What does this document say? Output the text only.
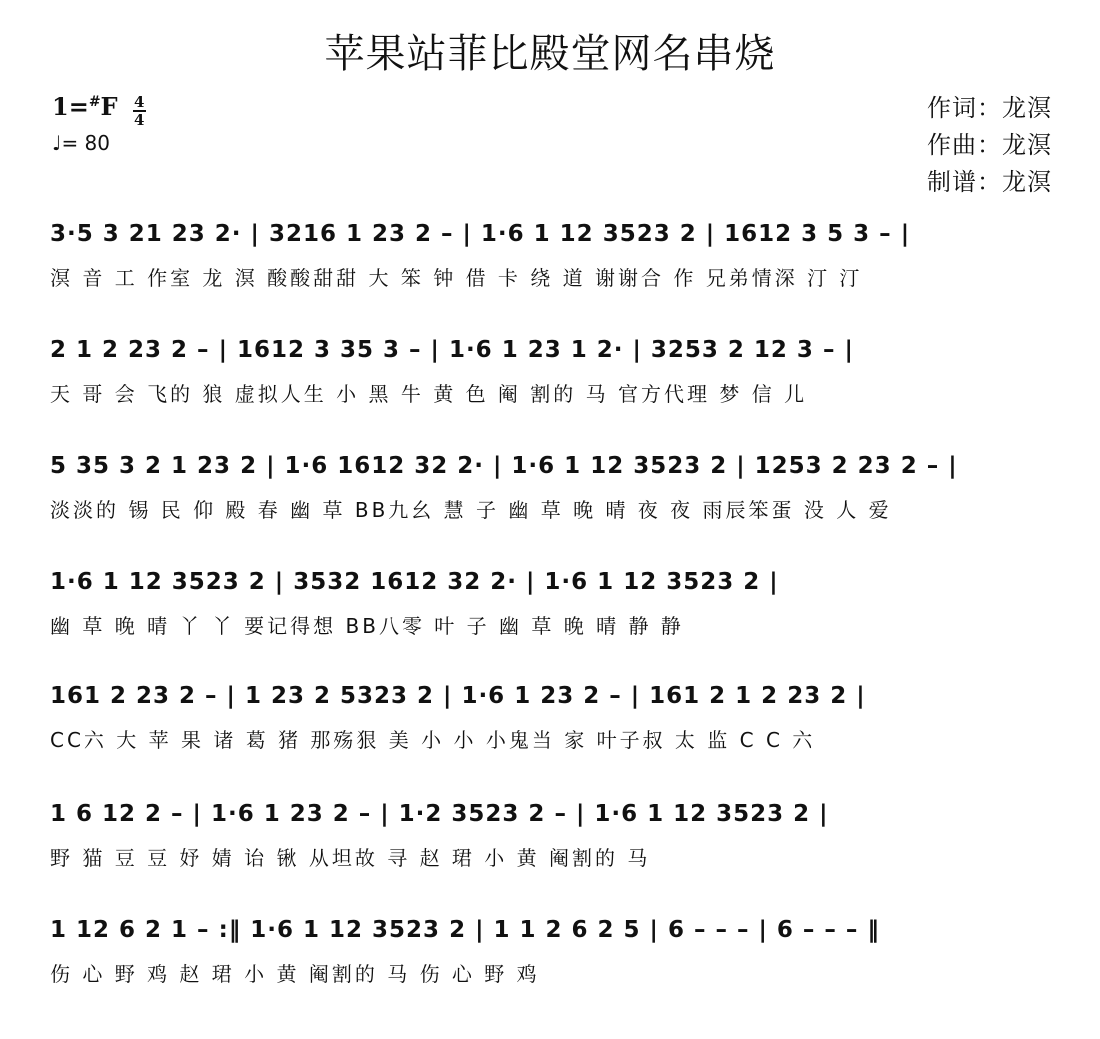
苹果站菲比殿堂网名串烧
$1=^{\#}F \frac{4}{4}$
♩= 80
作词：龙溟
作曲：龙溟
制谱：龙溟
3·5 3 21 23 2· | 3216 1 23 2 – | 1·6 1 12 3523 2 | 1612 3 5 3 – |
溟 音 工 作室 龙 溟 酸酸甜甜 大 笨 钟 借 卡 绕 道 谢谢合 作 兄弟情深 汀 汀
2 1 2 23 2 – | 1612 3 35 3 – | 1·6 1 23 1 2· | 3253 2 12 3 – |
天 哥 会 飞的 狼 虚拟人生 小 黑 牛 黄 色 阉 割的 马 官方代理 梦 信 儿
5 35 3 2 1 23 2 | 1·6 1612 32 2· | 1·6 1 12 3523 2 | 1253 2 23 2 – |
淡淡的 锡 民 仰 殿 春 幽 草 BB九幺 慧 子 幽 草 晚 晴 夜 夜 雨辰笨蛋 没 人 爱
1·6 1 12 3523 2 | 3532 1612 32 2· | 1·6 1 12 3523 2 |
幽 草 晚 晴 丫 丫 要记得想 BB八零 叶 子 幽 草 晚 晴 静 静
161 2 23 2 – | 1 23 2 5323 2 | 1·6 1 23 2 – | 161 2 1 2 23 2 |
CC六 大 苹 果 诸 葛 猪 那殇狠 美 小 小 小鬼当 家 叶子叔 太 监 C C 六
1 6 12 2 – | 1·6 1 23 2 – | 1·2 3523 2 – | 1·6 1 12 3523 2 |
野 猫 豆 豆 妤 婧 诒 锹 从坦故 寻 赵 珺 小 黄 阉割的 马
1 12 6 2 1 – :‖ 1·6 1 12 3523 2 | 1 1 2 6 2 5 | 6 – – – | 6 – – – ‖
伤 心 野 鸡 赵 珺 小 黄 阉割的 马 伤 心 野 鸡
